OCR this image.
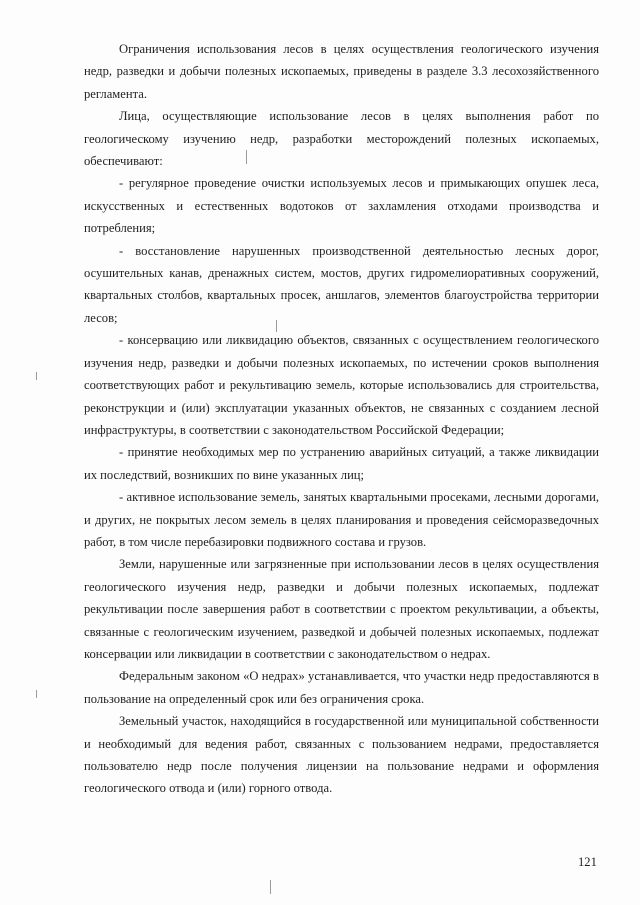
Ограничения использования лесов в целях осуществления геологического изучения недр, разведки и добычи полезных ископаемых, приведены в разделе 3.3 лесохозяйственного регламента.

Лица, осуществляющие использование лесов в целях выполнения работ по геологическому изучению недр, разработки месторождений полезных ископаемых, обеспечивают:

- регулярное проведение очистки используемых лесов и примыкающих опушек леса, искусственных и естественных водотоков от захламления отходами производства и потребления;

- восстановление нарушенных производственной деятельностью лесных дорог, осушительных канав, дренажных систем, мостов, других гидромелиоративных сооружений, квартальных столбов, квартальных просек, аншлагов, элементов благоустройства территории лесов;

- консервацию или ликвидацию объектов, связанных с осуществлением геологического изучения недр, разведки и добычи полезных ископаемых, по истечении сроков выполнения соответствующих работ и рекультивацию земель, которые использовались для строительства, реконструкции и (или) эксплуатации указанных объектов, не связанных с созданием лесной инфраструктуры, в соответствии с законодательством Российской Федерации;

- принятие необходимых мер по устранению аварийных ситуаций, а также ликвидации их последствий, возникших по вине указанных лиц;

- активное использование земель, занятых квартальными просеками, лесными дорогами, и других, не покрытых лесом земель в целях планирования и проведения сейсморазведочных работ, в том числе перебазировки подвижного состава и грузов.

Земли, нарушенные или загрязненные при использовании лесов в целях осуществления геологического изучения недр, разведки и добычи полезных ископаемых, подлежат рекультивации после завершения работ в соответствии с проектом рекультивации, а объекты, связанные с геологическим изучением, разведкой и добычей полезных ископаемых, подлежат консервации или ликвидации в соответствии с законодательством о недрах.

Федеральным законом «О недрах» устанавливается, что участки недр предоставляются в пользование на определенный срок или без ограничения срока.

Земельный участок, находящийся в государственной или муниципальной собственности и необходимый для ведения работ, связанных с пользованием недрами, предоставляется пользователю недр после получения лицензии на пользование недрами и оформления геологического отвода и (или) горного отвода.

121
